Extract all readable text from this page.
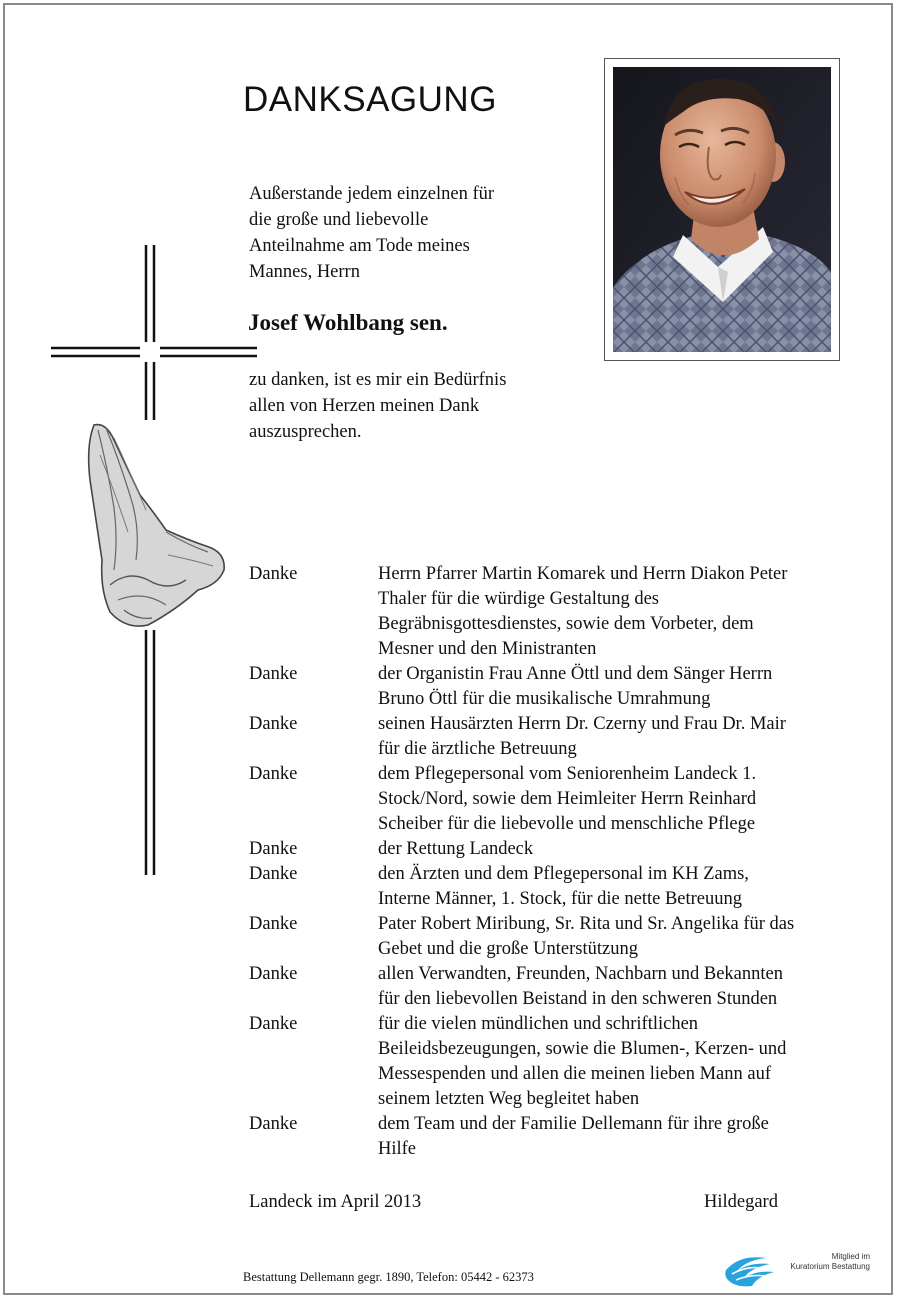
DANKSAGUNG
Außerstande jedem einzelnen für
die große und liebevolle
Anteilnahme am Tode meines
Mannes, Herrn
Josef Wohlbang sen.
zu danken, ist es mir ein Bedürfnis
allen von Herzen meinen Dank
auszusprechen.
Danke	Herrn Pfarrer Martin Komarek und Herrn Diakon Peter
Thaler für die würdige Gestaltung des
Begräbnisgottesdienstes, sowie dem Vorbeter, dem
Mesner und den Ministranten
Danke	der Organistin Frau Anne Öttl und dem Sänger Herrn
Bruno Öttl für die musikalische Umrahmung
Danke	seinen Hausärzten Herrn Dr. Czerny und Frau Dr. Mair
für die ärztliche Betreuung
Danke	dem Pflegepersonal vom Seniorenheim Landeck 1.
Stock/Nord, sowie dem Heimleiter Herrn Reinhard
Scheiber für die liebevolle und menschliche Pflege
Danke	der Rettung Landeck
Danke	den Ärzten und dem Pflegepersonal im KH Zams,
Interne Männer, 1. Stock, für die nette Betreuung
Danke	Pater Robert Miribung, Sr. Rita und Sr. Angelika für das
Gebet und die große Unterstützung
Danke	allen Verwandten, Freunden, Nachbarn und Bekannten
für den liebevollen Beistand in den schweren Stunden
Danke	für die vielen mündlichen und schriftlichen
Beileidsbezeugungen, sowie die Blumen-, Kerzen- und
Messespenden und allen die meinen lieben Mann auf
seinem letzten Weg begleitet haben
Danke	dem Team und der Familie Dellemann für ihre große
Hilfe
Landeck im April 2013	Hildegard
Bestattung Dellemann gegr. 1890, Telefon: 05442 - 62373
Mitglied im
Kuratorium Bestattung
